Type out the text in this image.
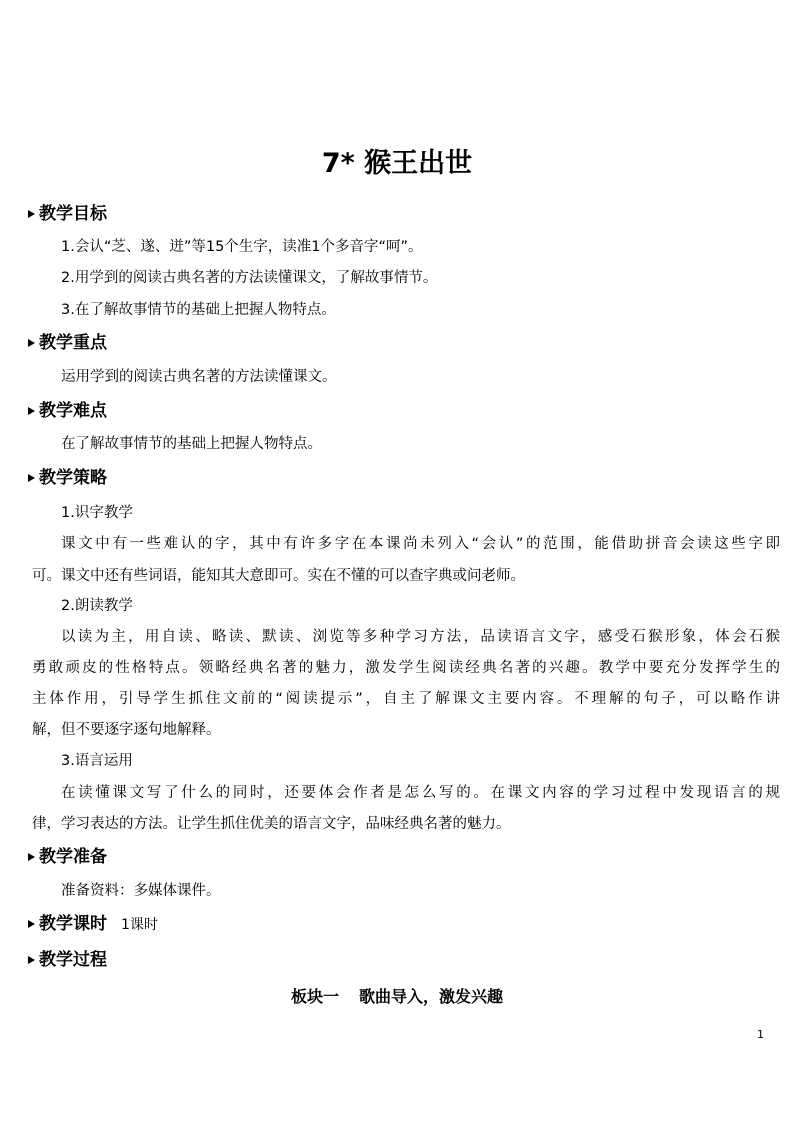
7* 猴王出世
教学目标
1.会认“芝、遂、迸”等15个生字，读准1个多音字“呵”。
2.用学到的阅读古典名著的方法读懂课文，了解故事情节。
3.在了解故事情节的基础上把握人物特点。
教学重点
运用学到的阅读古典名著的方法读懂课文。
教学难点
在了解故事情节的基础上把握人物特点。
教学策略
1.识字教学
课文中有一些难认的字，其中有许多字在本课尚未列入“会认”的范围，能借助拼音会读这些字即
可。课文中还有些词语，能知其大意即可。实在不懂的可以查字典或问老师。
2.朗读教学
以读为主，用自读、略读、默读、浏览等多种学习方法，品读语言文字，感受石猴形象，体会石猴
勇敢顽皮的性格特点。领略经典名著的魅力，激发学生阅读经典名著的兴趣。教学中要充分发挥学生的
主体作用，引导学生抓住文前的“阅读提示”，自主了解课文主要内容。不理解的句子，可以略作讲
解，但不要逐字逐句地解释。
3.语言运用
在读懂课文写了什么的同时，还要体会作者是怎么写的。在课文内容的学习过程中发现语言的规
律，学习表达的方法。让学生抓住优美的语言文字，品味经典名著的魅力。
教学准备
准备资料：多媒体课件。
教学课时 1课时
教学过程
板块一 歌曲导入，激发兴趣
1
